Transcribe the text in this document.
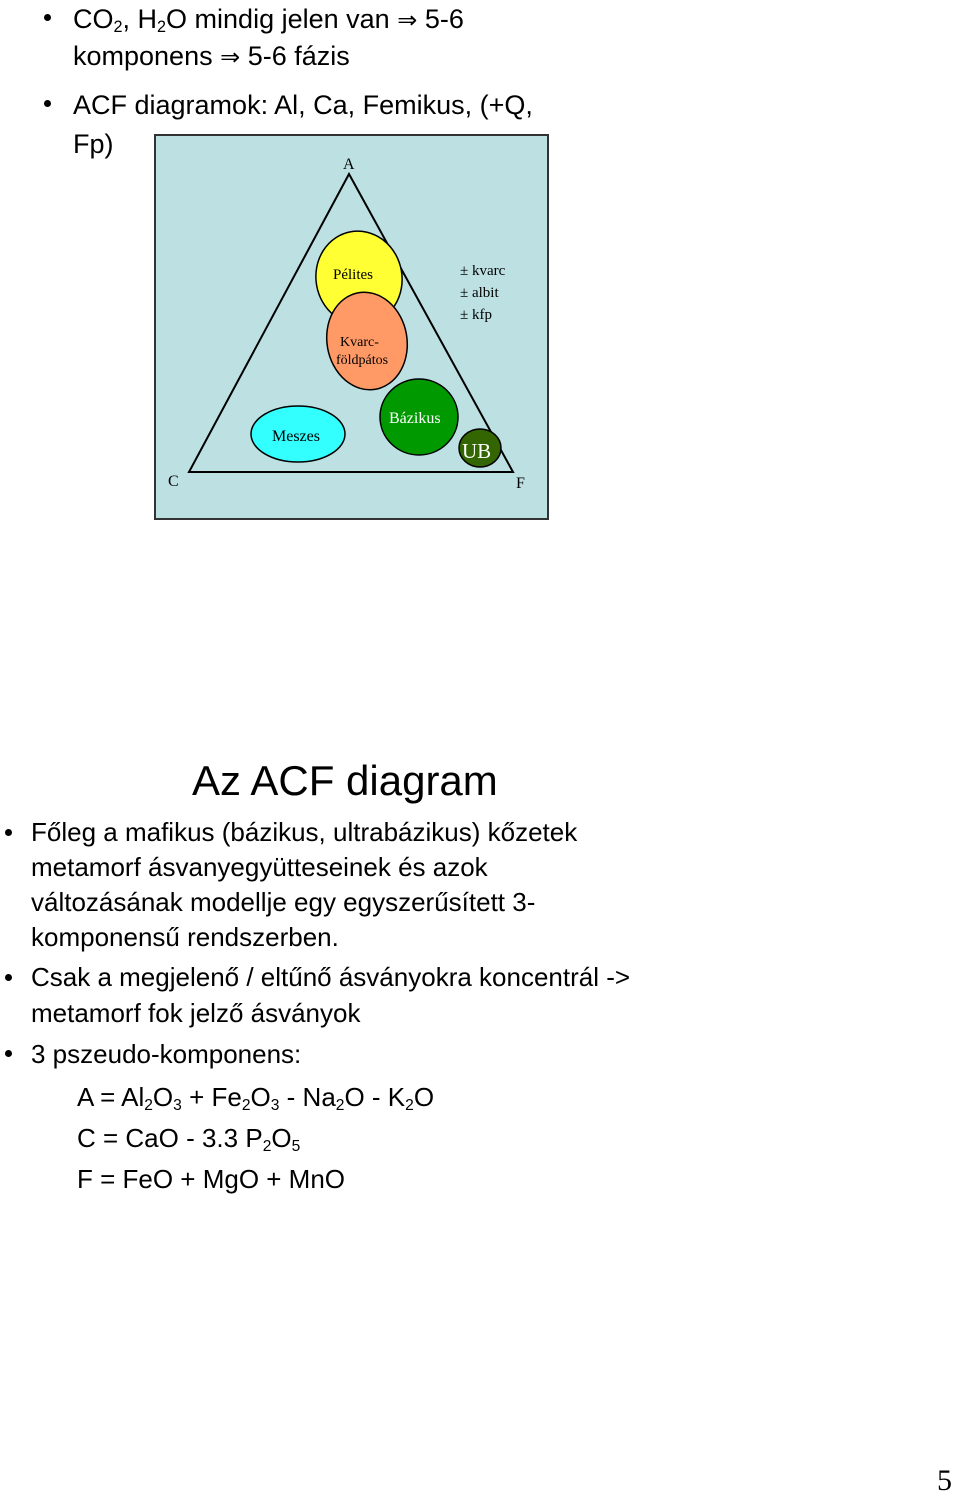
$CO_2$, $H_2O$ mindig jelen van ⇒ 5-6
komponens ⇒ 5-6 fázis
ACF diagramok: Al, Ca, Femikus, (+Q,
Fp)
A
C	F
Pélites
Kvarc-
földpátos
Meszes
Bázikus
UB
± kvarc
± albit
± kfp
Az ACF diagram
Főleg a mafikus (bázikus, ultrabázikus) kőzetek
metamorf ásvanyegyütteseinek és azok
változásának modellje egy egyszerűsített 3-
komponensű rendszerben.
Csak a megjelenő / eltűnő ásványokra koncentrál ->
metamorf fok jelző ásványok
3 pszeudo-komponens:
$A = Al_2O_3 + Fe_2O_3 - Na_2O - K_2O$
C = CaO - 3.3 $P_2O_5$
F = FeO + MgO + MnO
5
